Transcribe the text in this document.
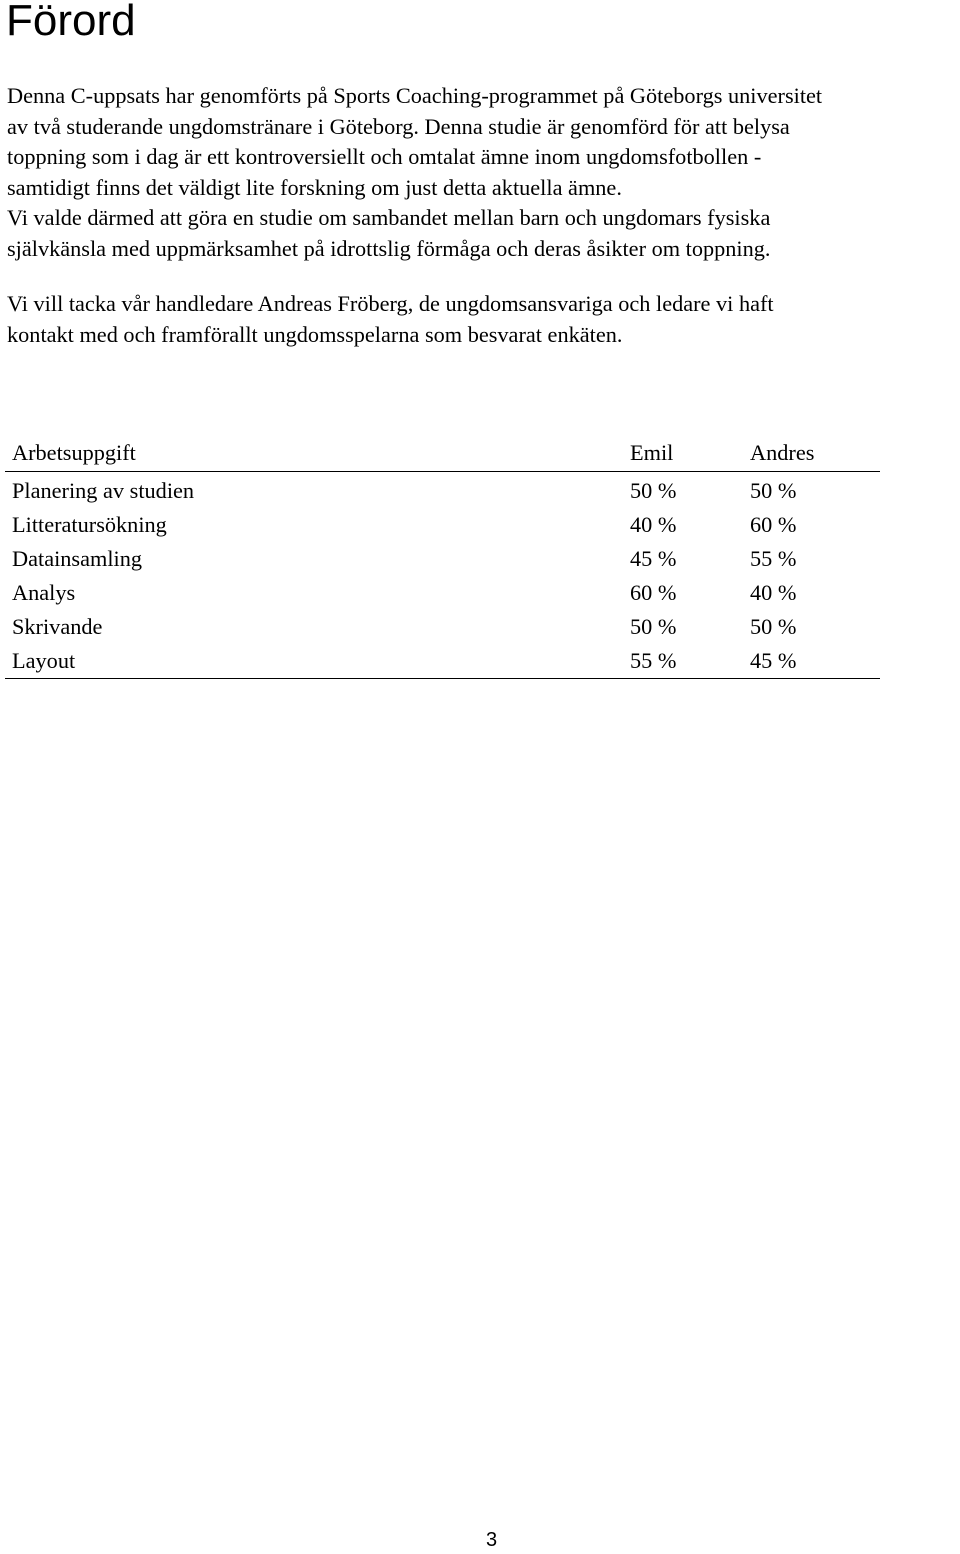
Förord
Denna C-uppsats har genomförts på Sports Coaching-programmet på Göteborgs universitet
av två studerande ungdomstränare i Göteborg. Denna studie är genomförd för att belysa
toppning som i dag är ett kontroversiellt och omtalat ämne inom ungdomsfotbollen -
samtidigt finns det väldigt lite forskning om just detta aktuella ämne.
Vi valde därmed att göra en studie om sambandet mellan barn och ungdomars fysiska
självkänsla med uppmärksamhet på idrottslig förmåga och deras åsikter om toppning.
Vi vill tacka vår handledare Andreas Fröberg, de ungdomsansvariga och ledare vi haft
kontakt med och framförallt ungdomsspelarna som besvarat enkäten.
Arbetsuppgift	Emil	Andres
Planering av studien	50 %	50 %
Litteratursökning	40 %	60 %
Datainsamling	45 %	55 %
Analys	60 %	40 %
Skrivande	50 %	50 %
Layout	55 %	45 %
3
